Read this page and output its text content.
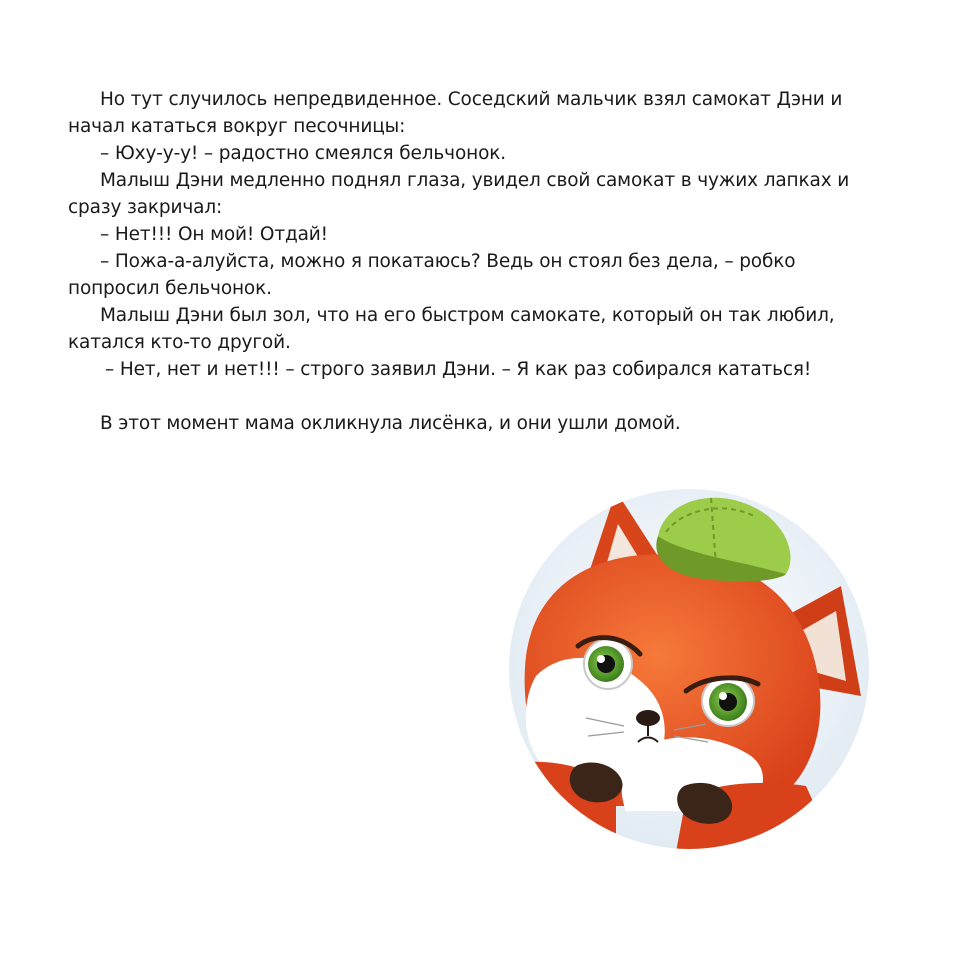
Но тут случилось непредвиденное. Соседский мальчик взял самокат Дэни и начал кататься вокруг песочницы:

– Юху-у-у! – радостно смеялся бельчонок.

Малыш Дэни медленно поднял глаза, увидел свой самокат в чужих лапках и сразу закричал:

– Нет!!! Он мой! Отдай!

– Пожа-а-алуйста, можно я покатаюсь? Ведь он стоял без дела, – робко попросил бельчонок.

Малыш Дэни был зол, что на его быстром самокате, который он так любил, катался кто-то другой.

– Нет, нет и нет!!! – строго заявил Дэни. – Я как раз собирался кататься!

В этот момент мама окликнула лисёнка, и они ушли домой.
